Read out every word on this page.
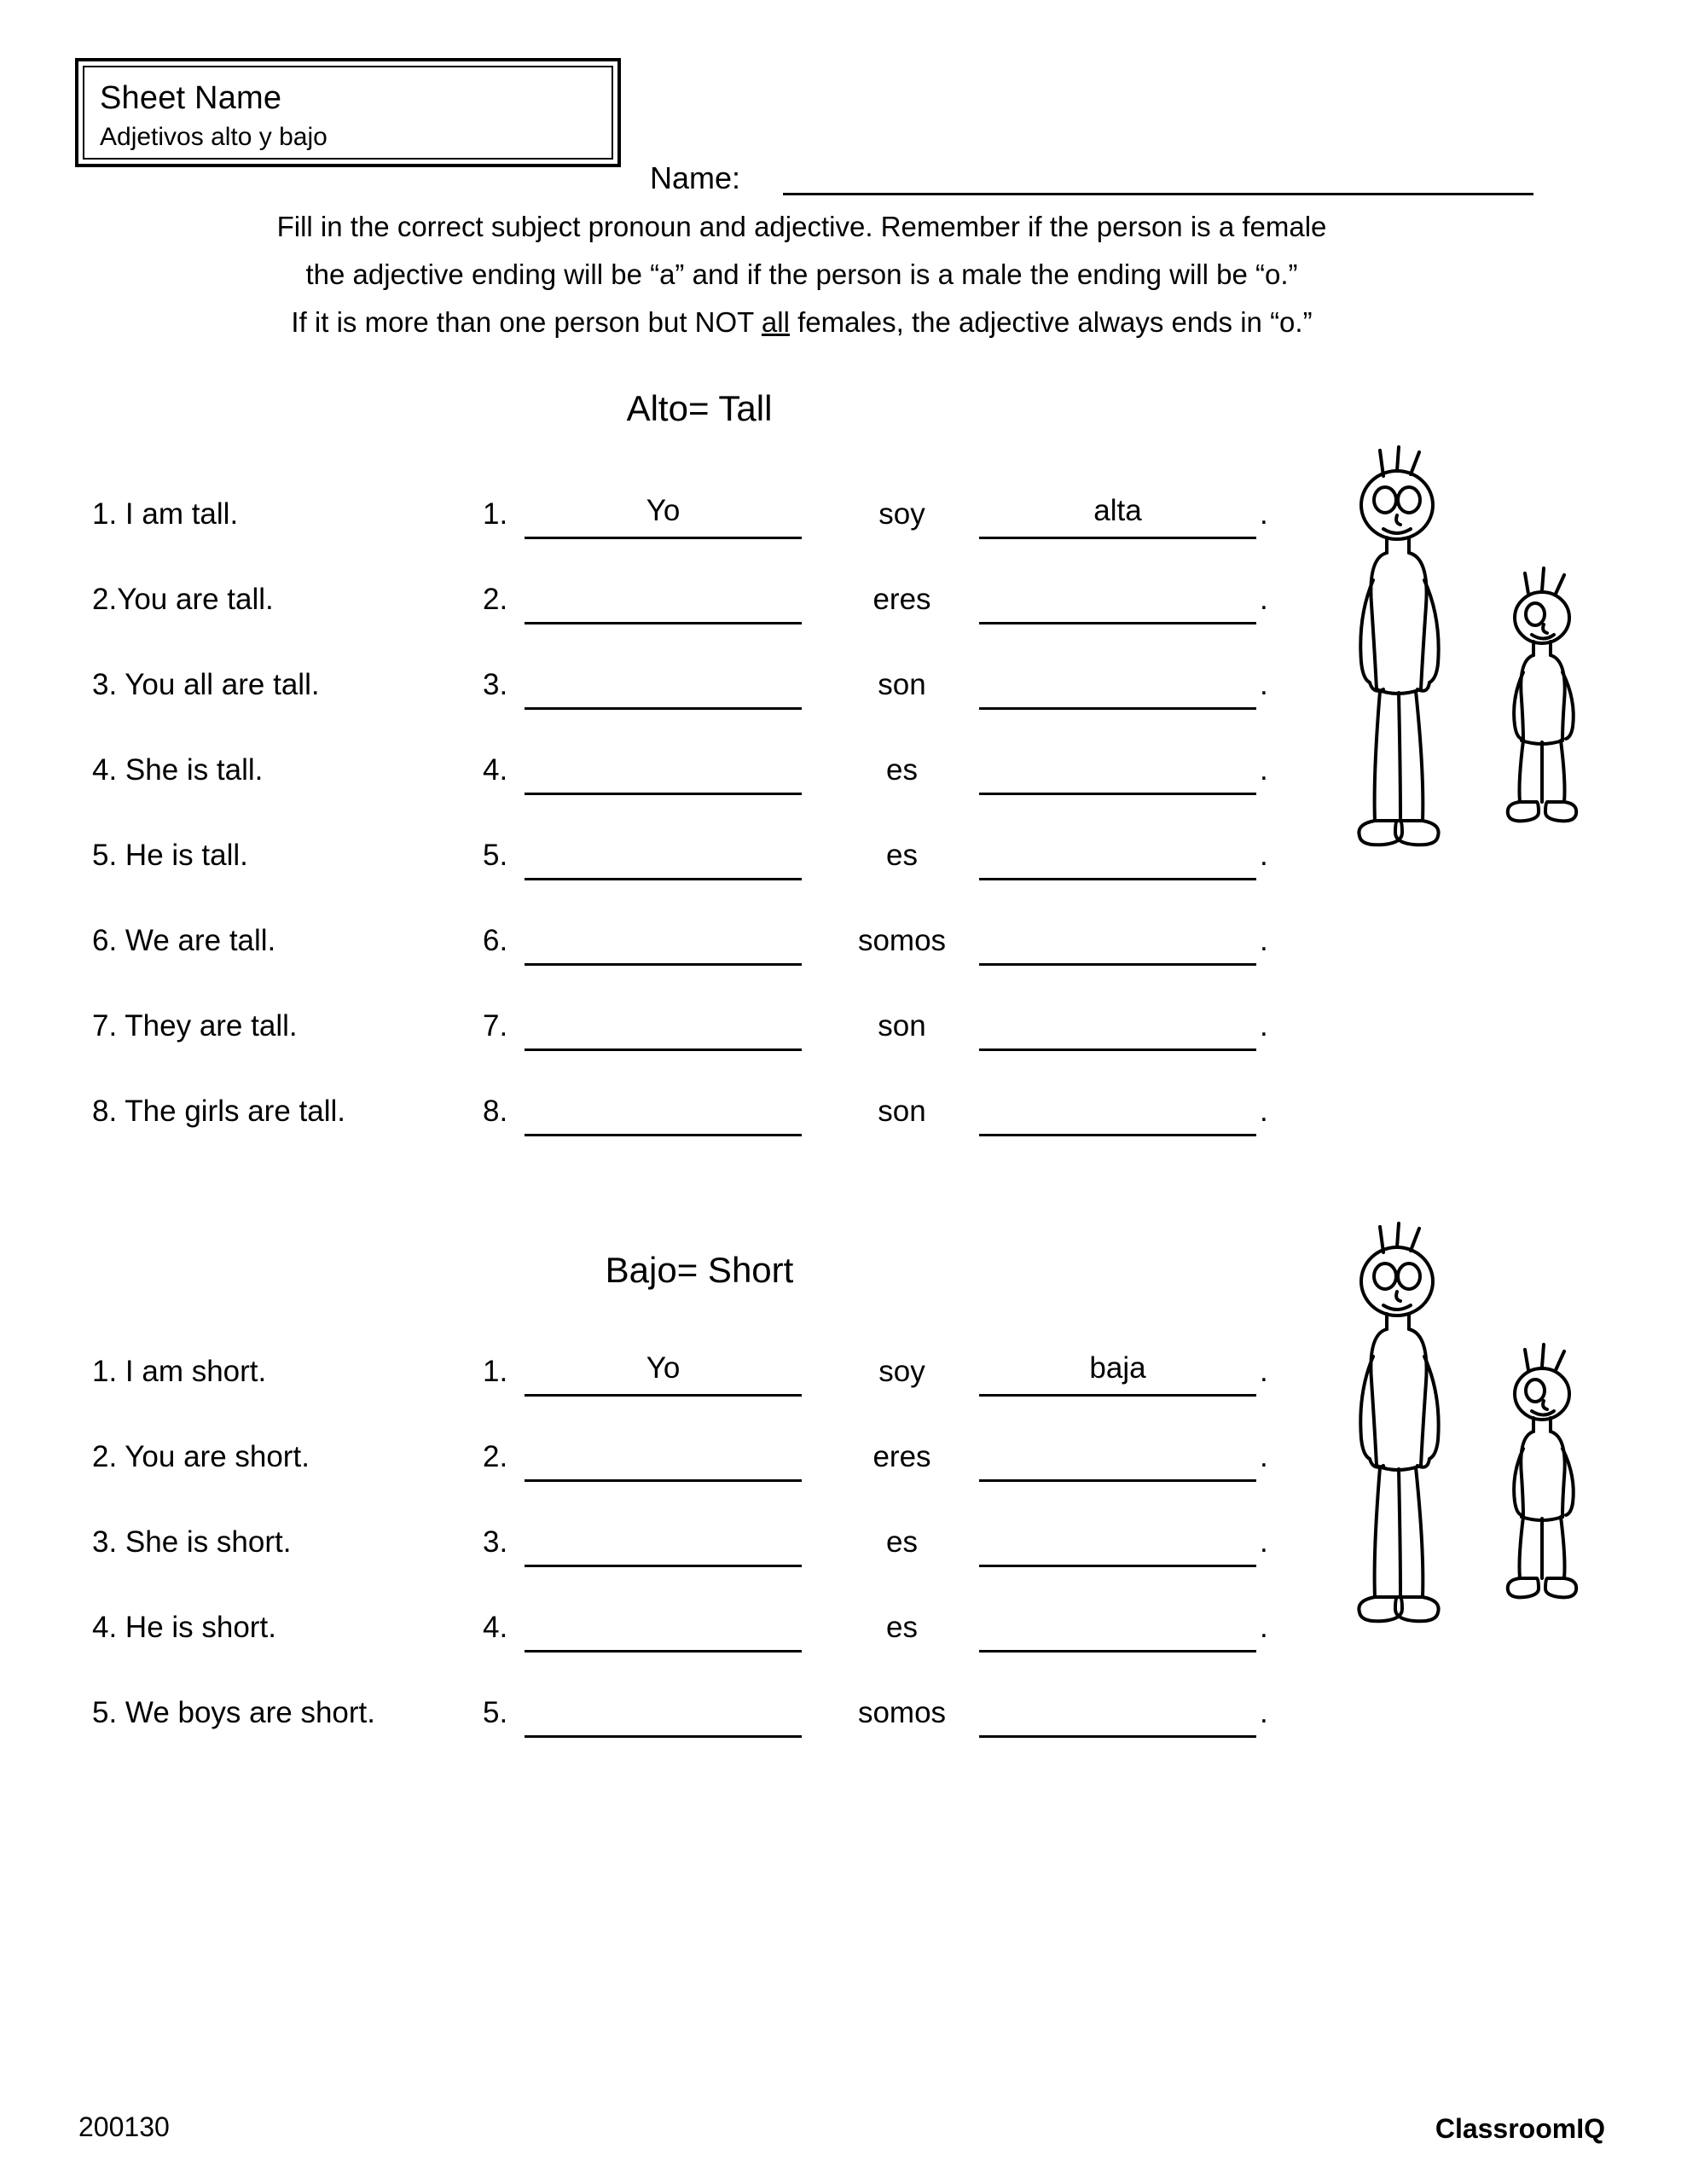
Sheet Name
Adjetivos alto y bajo
Name:
Fill in the correct subject pronoun and adjective. Remember if the person is a female
the adjective ending will be “a” and if the person is a male the ending will be “o.”
If it is more than one person but NOT all females, the adjective always ends in “o.”
Alto= Tall
1. I am tall.	1.	Yo	soy	alta	.
2.You are tall.	2.	eres	.
3. You all are tall.	3.	son	.
4. She is tall.	4.	es	.
5. He is tall.	5.	es	.
6. We are tall.	6.	somos	.
7. They are tall.	7.	son	.
8. The girls are tall.	8.	son	.
Bajo= Short
1. I am short.	1.	Yo	soy	baja	.
2. You are short.	2.	eres	.
3. She is short.	3.	es	.
4. He is short.	4.	es	.
5. We boys are short.	5.	somos	.
200130	ClassroomIQ
